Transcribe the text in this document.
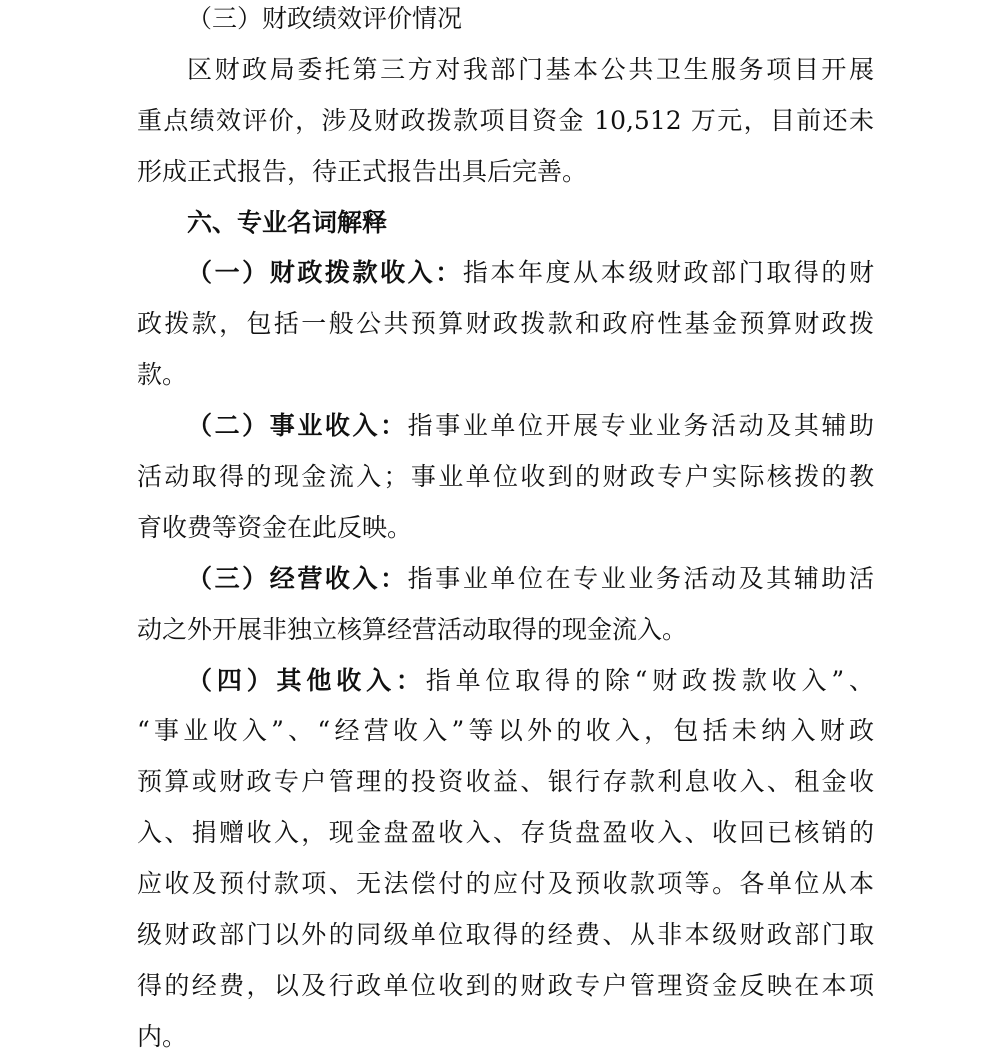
（三）财政绩效评价情况
区财政局委托第三方对我部门基本公共卫生服务项目开展
重点绩效评价，涉及财政拨款项目资金 10,512 万元，目前还未
形成正式报告，待正式报告出具后完善。
六、专业名词解释
（一）财政拨款收入：指本年度从本级财政部门取得的财
政拨款，包括一般公共预算财政拨款和政府性基金预算财政拨
款。
（二）事业收入：指事业单位开展专业业务活动及其辅助
活动取得的现金流入；事业单位收到的财政专户实际核拨的教
育收费等资金在此反映。
（三）经营收入：指事业单位在专业业务活动及其辅助活
动之外开展非独立核算经营活动取得的现金流入。
（四）其他收入：指单位取得的除“财政拨款收入”、
“事业收入”、“经营收入”等以外的收入，包括未纳入财政
预算或财政专户管理的投资收益、银行存款利息收入、租金收
入、捐赠收入，现金盘盈收入、存货盘盈收入、收回已核销的
应收及预付款项、无法偿付的应付及预收款项等。各单位从本
级财政部门以外的同级单位取得的经费、从非本级财政部门取
得的经费，以及行政单位收到的财政专户管理资金反映在本项
内。
